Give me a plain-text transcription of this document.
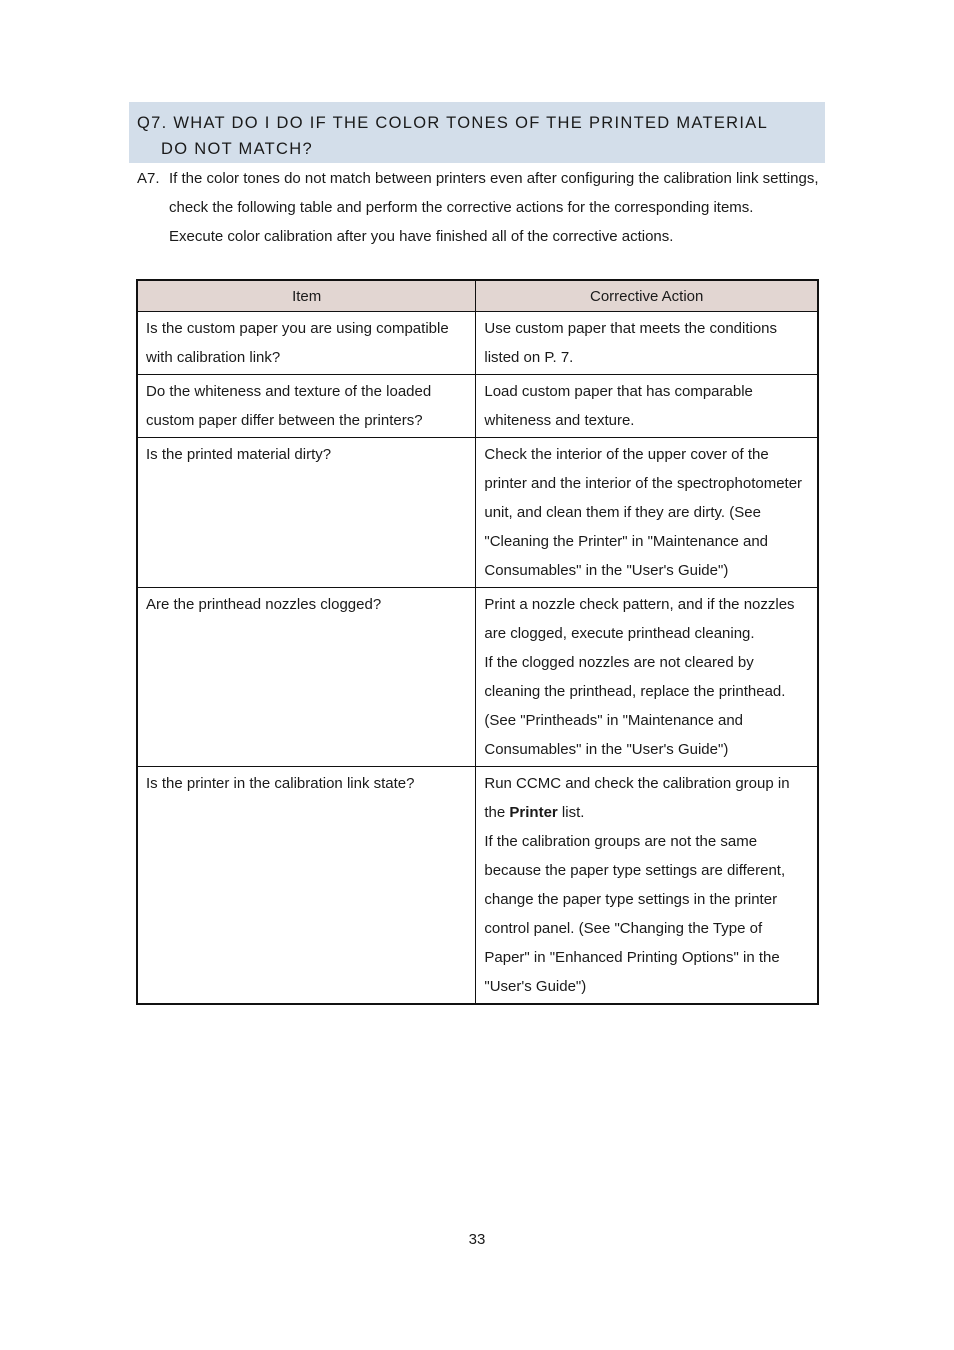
Q7. WHAT DO I DO IF THE COLOR TONES OF THE PRINTED MATERIAL
DO NOT MATCH?
A7. If the color tones do not match between printers even after configuring the calibration link settings, check the following table and perform the corrective actions for the corresponding items.

Execute color calibration after you have finished all of the corrective actions.

Item	Corrective Action
Is the custom paper you are using compatible with calibration link?	Use custom paper that meets the conditions listed on P. 7.

Do the whiteness and texture of the loaded custom paper differ between the printers?	Load custom paper that has comparable whiteness and texture.

Is the printed material dirty?	Check the interior of the upper cover of the printer and the interior of the spectrophotometer unit, and clean them if they are dirty. (See "Cleaning the Printer" in "Maintenance and Consumables" in the "User's Guide")

Are the printhead nozzles clogged?	Print a nozzle check pattern, and if the nozzles are clogged, execute printhead cleaning.
If the clogged nozzles are not cleared by cleaning the printhead, replace the printhead. (See "Printheads" in "Maintenance and Consumables" in the "User's Guide")

Is the printer in the calibration link state?	Run CCMC and check the calibration group in the Printer list.
If the calibration groups are not the same because the paper type settings are different, change the paper type settings in the printer control panel. (See "Changing the Type of Paper" in "Enhanced Printing Options" in the "User's Guide")
33
